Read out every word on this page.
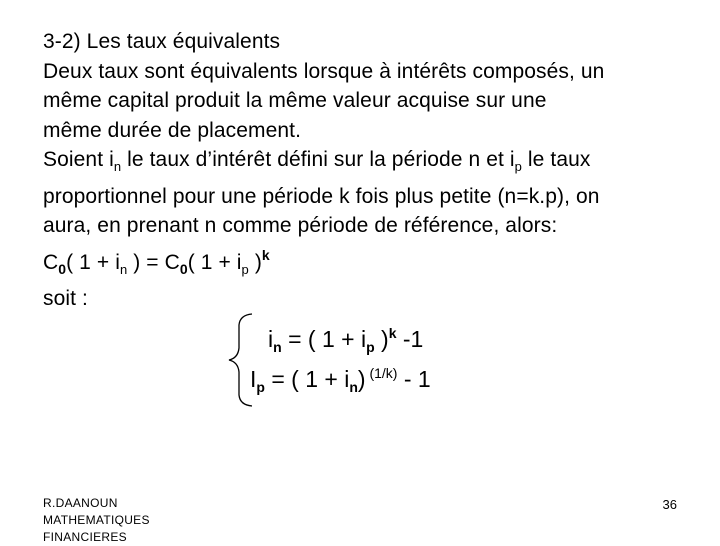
3-2) Les taux équivalents
Deux taux sont équivalents lorsque à intérêts composés, un
même capital produit la même valeur acquise sur une
même durée de placement.
Soient $i_n$ le taux d’intérêt défini sur la période n et $i_p$ le taux
proportionnel pour une période k fois plus petite (n=k.p), on
aura, en prenant n comme période de référence, alors:
$C_0$( $1 + i_n$ ) = $C_0$( $1 + i_p$ )$^k$
soit :
$i_n$ = ( $1 + i_p$ )$^k$ -1
$I_p$ = ( $1 + i_n$) $^{(1/k)}$ - 1
R.DAANOUN
MATHEMATIQUES
FINANCIERES
36
